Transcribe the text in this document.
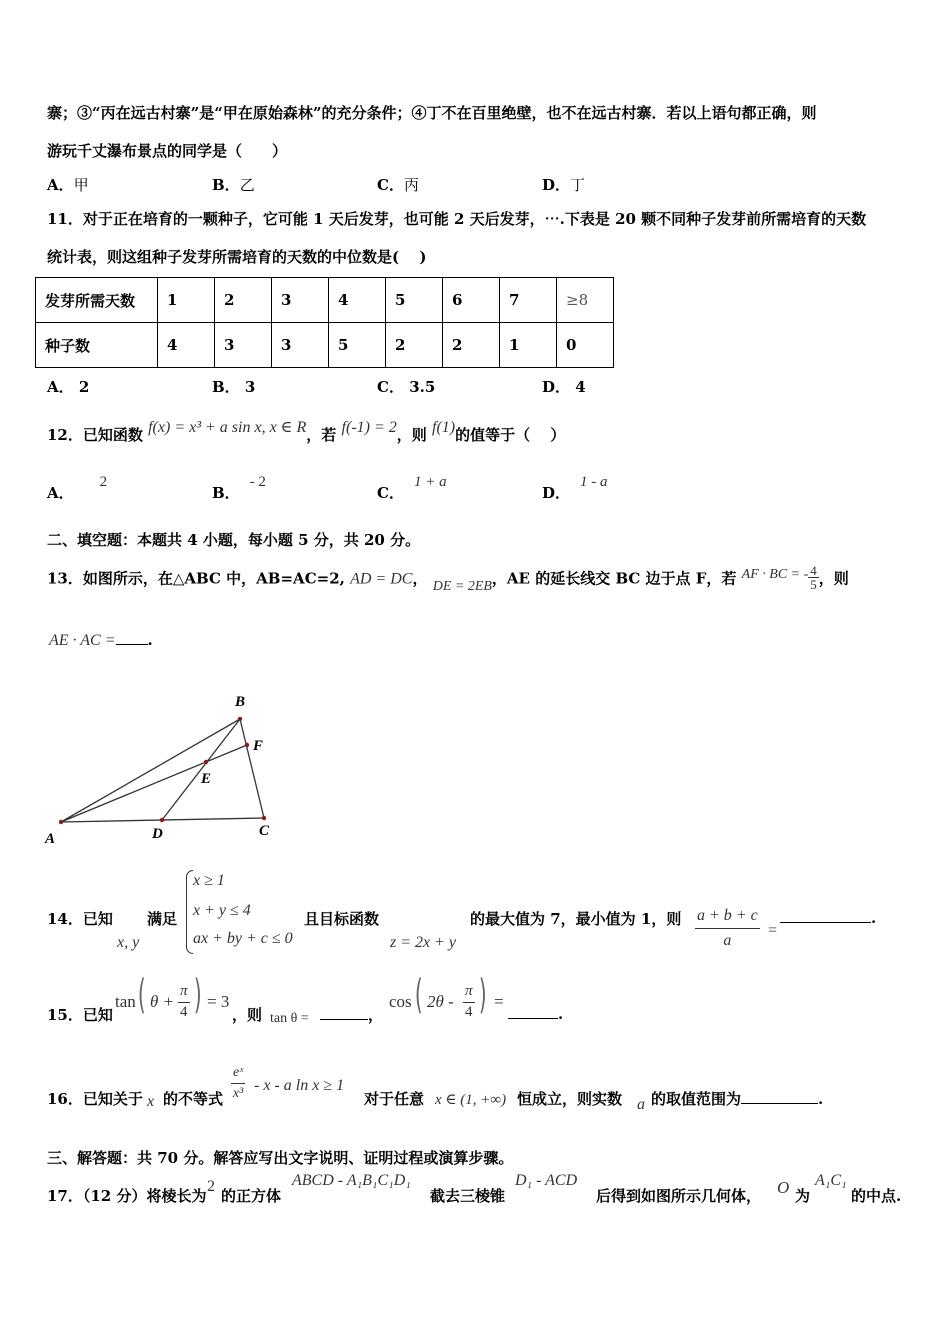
寨；③“丙在远古村寨”是“甲在原始森林”的充分条件；④丁不在百里绝壁，也不在远古村寨．若以上语句都正确，则
游玩千丈瀑布景点的同学是（　　）
A．甲	B．乙	C．丙	D．丁
11．对于正在培育的一颗种子，它可能 1 天后发芽，也可能 2 天后发芽，⋯.下表是 20 颗不同种子发芽前所需培育的天数
统计表，则这组种子发芽所需培育的天数的中位数是(　 )
发芽所需天数	1	2	3	4	5	6	7	≥8
种子数	4	3	3	5	2	2	1	0
A． 2	B． 3	C． 3.5	D． 4
12．已知函数 f(x) = x³ + a sin x, x ∈ R，若 f(-1) = 2，则 f(1)的值等于（　 ）
A．2
B．- 2
C．1 + a
D．1 - a
二、填空题：本题共 4 小题，每小题 5 分，共 20 分。
13．如图所示，在△ABC 中，AB=AC=2, AD = DC， DE = 2EB，AE 的延长线交 BC 边于点 F，若 AF · BC = - $\frac{4}{5}$ ，则
AE · AC = .
A
B
C
D
E
F
14．已知
x, y
满足
x ≥ 1
x + y ≤ 4
ax + by + c ≤ 0
且目标函数
z = 2x + y
的最大值为 7，最小值为 1，则 $\frac{a + b + c}{a}$ =
.
15．已知
tan ( $\theta + \frac{\pi}{4}$ ) = 3
，则 tan θ =	，
cos ( $2\theta - \frac{\pi}{4}$ ) =
.
16．已知关于 x 的不等式 $\frac{\text{eˣ}}{\text{x³}}$ - x - a ln x ≥ 1
对于任意 x ∈ (1, +∞) 恒成立，则实数 a 的取值范围为	.
三、解答题：共 70 分。解答应写出文字说明、证明过程或演算步骤。
17．（12 分）将棱长为
2
的正方体
ABCD - A₁B₁C₁D₁
截去三棱锥
D₁ - ACD
后得到如图所示几何体， O 为
A₁C₁
的中点.
